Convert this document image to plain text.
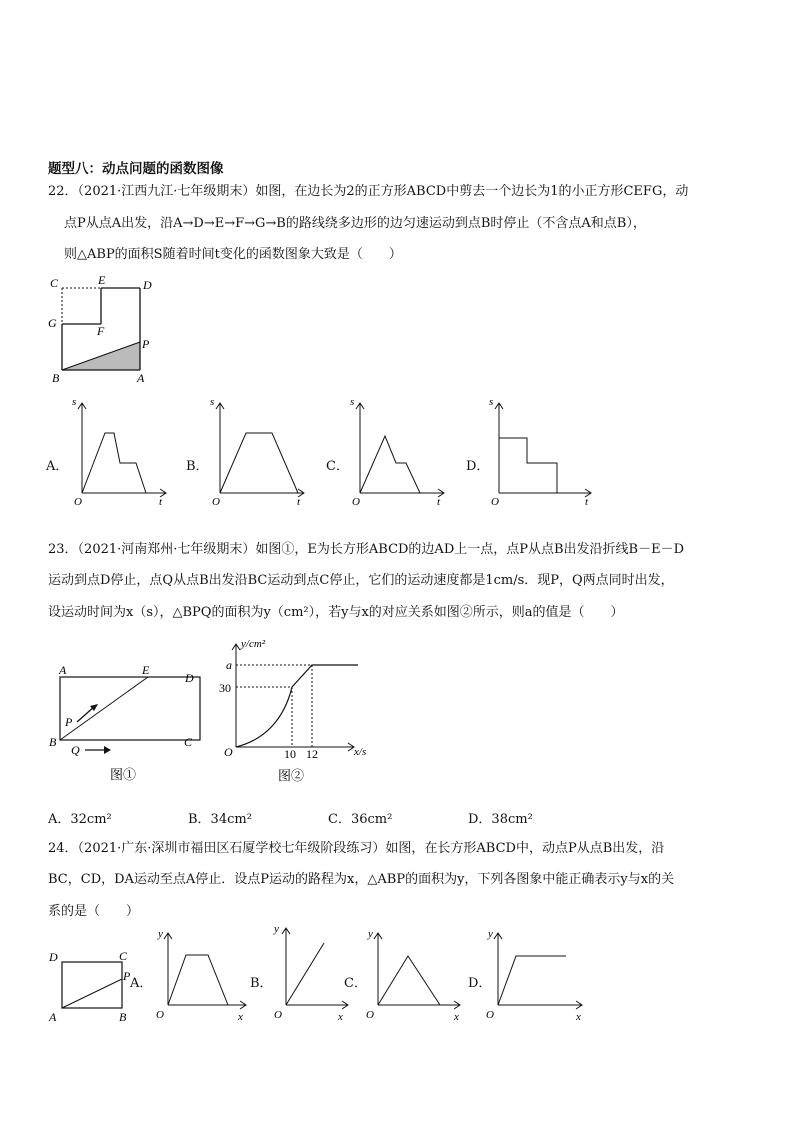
题型八：动点问题的函数图像
22．（2021·江西九江·七年级期末）如图，在边长为2的正方形ABCD中剪去一个边长为1的小正方形CEFG，动
点P从点A出发，沿A→D→E→F→G→B的路线绕多边形的边匀速运动到点B时停止（不含点A和点B），
则△ABP的面积S随着时间t变化的函数图象大致是（　　）
C	E	D
G
F
P
B	A
A．
s
t
O
B．
s
t
O
C．
s
t
O
D．
s
t
O
23．（2021·河南郑州·七年级期末）如图①，E为长方形ABCD的边AD上一点，点P从点B出发沿折线B－E－D
运动到点D停止，点Q从点B出发沿BC运动到点C停止，它们的运动速度都是1cm/s．现P，Q两点同时出发，
设运动时间为x（s），△BPQ的面积为y（cm²），若y与x的对应关系如图②所示，则a的值是（　　）
A	E
D
P
B
Q
C
图①
y/cm²
x/s
a
30
10 12
O
图②
A．32cm²	B．34cm²	C．36cm²	D．38cm²
24．（2021·广东·深圳市福田区石厦学校七年级阶段练习）如图，在长方形ABCD中，动点P从点B出发，沿
BC，CD，DA运动至点A停止．设点P运动的路程为x，△ABP的面积为y，下列各图象中能正确表示y与x的关
系的是（　　）
D	C
P
A	B
A．
y
x
O
B．
y
x
O
C．
y
x
O
D．
y
x
O
